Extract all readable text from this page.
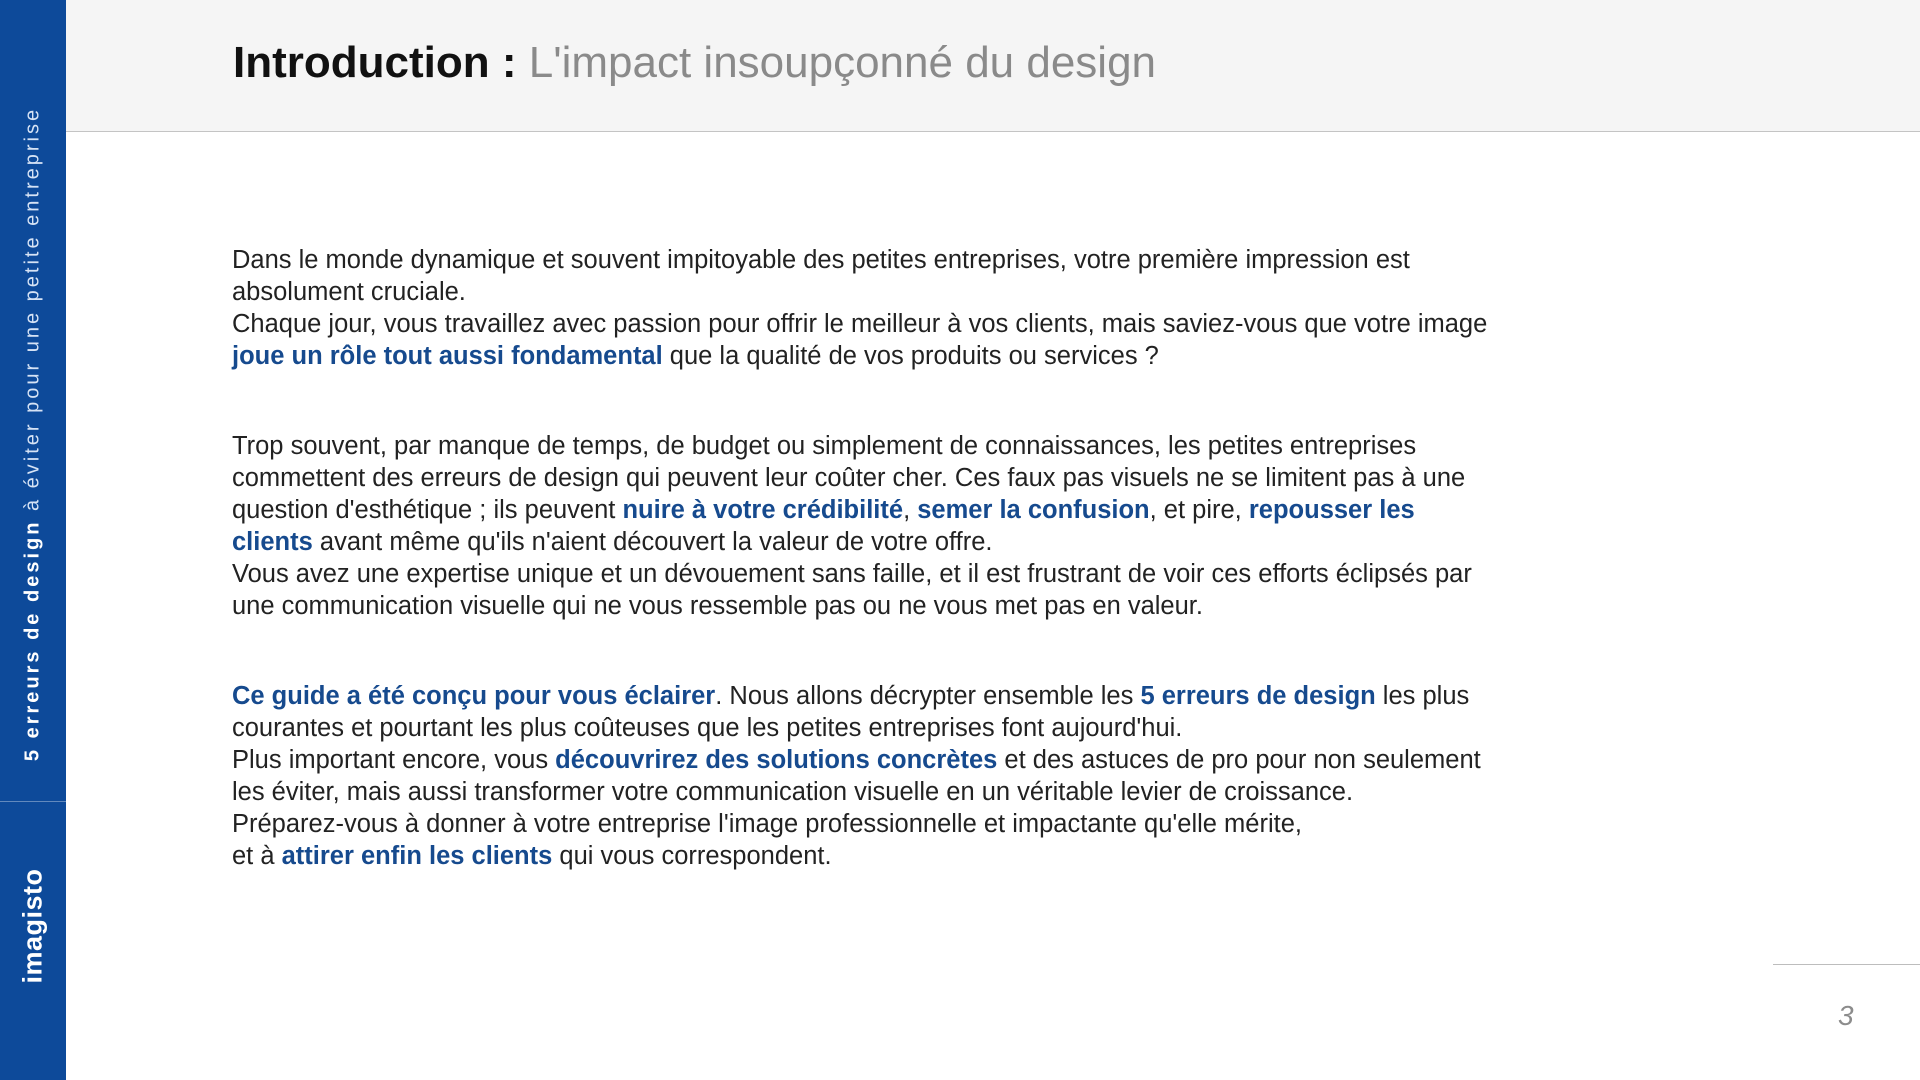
5 erreurs de design à éviter pour une petite entreprise
imagisto
Introduction : L'impact insoupçonné du design

Dans le monde dynamique et souvent impitoyable des petites entreprises, votre première impression est absolument cruciale.
Chaque jour, vous travaillez avec passion pour offrir le meilleur à vos clients, mais saviez-vous que votre image joue un rôle tout aussi fondamental que la qualité de vos produits ou services ?

Trop souvent, par manque de temps, de budget ou simplement de connaissances, les petites entreprises commettent des erreurs de design qui peuvent leur coûter cher. Ces faux pas visuels ne se limitent pas à une question d'esthétique ; ils peuvent nuire à votre crédibilité, semer la confusion, et pire, repousser les clients avant même qu'ils n'aient découvert la valeur de votre offre.
Vous avez une expertise unique et un dévouement sans faille, et il est frustrant de voir ces efforts éclipsés par une communication visuelle qui ne vous ressemble pas ou ne vous met pas en valeur.

Ce guide a été conçu pour vous éclairer. Nous allons décrypter ensemble les 5 erreurs de design les plus courantes et pourtant les plus coûteuses que les petites entreprises font aujourd'hui.
Plus important encore, vous découvrirez des solutions concrètes et des astuces de pro pour non seulement les éviter, mais aussi transformer votre communication visuelle en un véritable levier de croissance.
Préparez-vous à donner à votre entreprise l'image professionnelle et impactante qu'elle mérite,
et à attirer enfin les clients qui vous correspondent.

3
